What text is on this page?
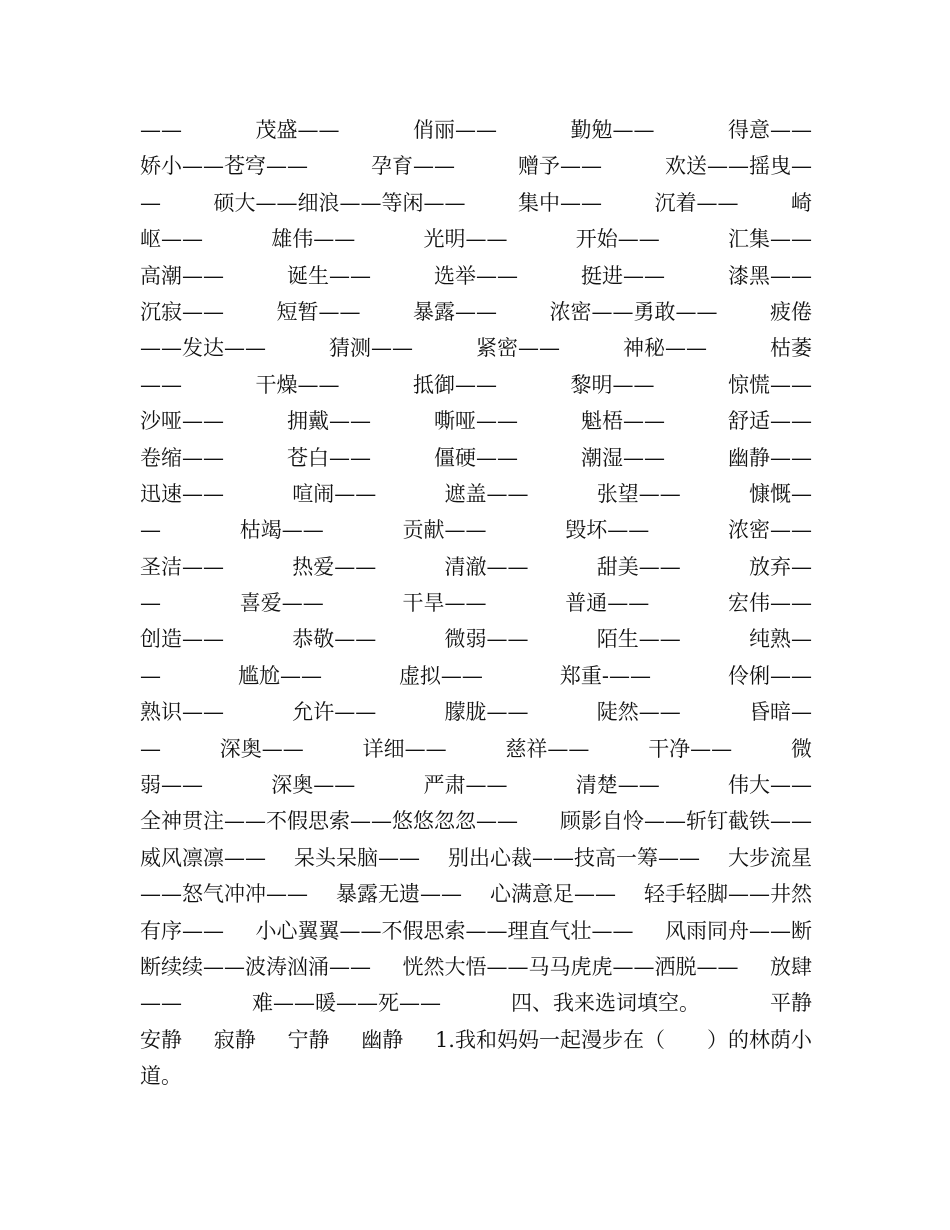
——	茂盛——	俏丽——	勤勉——	得意——
娇小——苍穹——	孕育——	赠予——	欢送——摇曳—
—	硕大——细浪——等闲——	集中——	沉着——	崎
岖——	雄伟——	光明——	开始——	汇集——
高潮——	诞生——	选举——	挺进——	漆黑——
沉寂——	短暂——	暴露——	浓密——勇敢——	疲倦
——发达——	猜测——	紧密——	神秘——	枯萎
——	干燥——	抵御——	黎明——	惊慌——
沙哑——	拥戴——	嘶哑——	魁梧——	舒适——
卷缩——	苍白——	僵硬——	潮湿——	幽静——
迅速——	喧闹——	遮盖——	张望——	慷慨—
—	枯竭——	贡献——	毁坏——	浓密——
圣洁——	热爱——	清澈——	甜美——	放弃—
—	喜爱——	干旱——	普通——	宏伟——
创造——	恭敬——	微弱——	陌生——	纯熟—
—	尴尬——	虚拟——	郑重-——	伶俐——
熟识——	允许——	朦胧——	陡然——	昏暗—
—	深奥——	详细——	慈祥——	干净——	微
弱——	深奥——	严肃——	清楚——	伟大——
全神贯注——不假思索——悠悠忽忽—— 顾影自怜——斩钉截铁——
威风凛凛—— 呆头呆脑—— 别出心裁——技高一筹—— 大步流星
——怒气冲冲—— 暴露无遗—— 心满意足—— 轻手轻脚——井然
有序—— 小心翼翼——不假思索——理直气壮—— 风雨同舟——断
断续续——波涛汹涌—— 恍然大悟——马马虎虎——洒脱—— 放肆
——	难——暖——死——	四、我来选词填空。	平静
安静 寂静 宁静 幽静 1.我和妈妈一起漫步在（　　）的林荫小
道。
